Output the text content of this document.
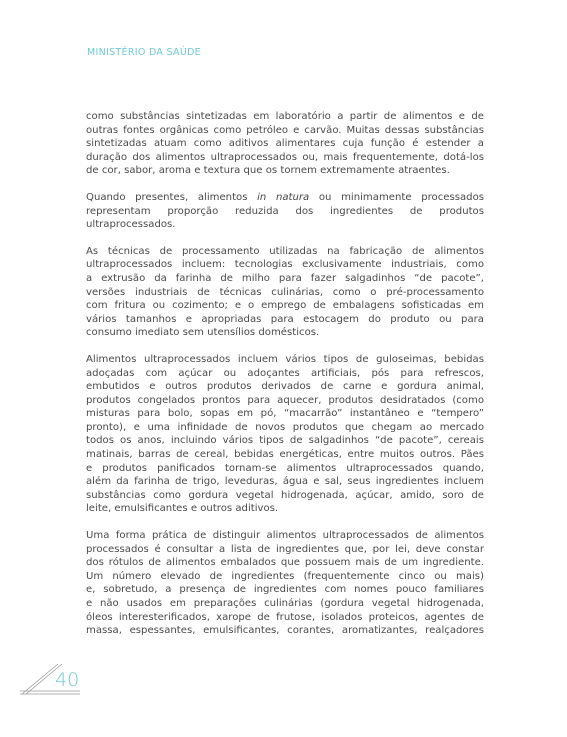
MINISTÉRIO DA SAÚDE

como substâncias sintetizadas em laboratório a partir de alimentos e de
outras fontes orgânicas como petróleo e carvão. Muitas dessas substâncias
sintetizadas atuam como aditivos alimentares cuja função é estender a
duração dos alimentos ultraprocessados ou, mais frequentemente, dotá-los
de cor, sabor, aroma e textura que os tornem extremamente atraentes.

Quando presentes, alimentos in natura ou minimamente processados
representam proporção reduzida dos ingredientes de produtos
ultraprocessados.

As técnicas de processamento utilizadas na fabricação de alimentos
ultraprocessados incluem: tecnologias exclusivamente industriais, como
a extrusão da farinha de milho para fazer salgadinhos “de pacote”,
versões industriais de técnicas culinárias, como o pré-processamento
com fritura ou cozimento; e o emprego de embalagens sofisticadas em
vários tamanhos e apropriadas para estocagem do produto ou para
consumo imediato sem utensílios domésticos.

Alimentos ultraprocessados incluem vários tipos de guloseimas, bebidas
adoçadas com açúcar ou adoçantes artificiais, pós para refrescos,
embutidos e outros produtos derivados de carne e gordura animal,
produtos congelados prontos para aquecer, produtos desidratados (como
misturas para bolo, sopas em pó, “macarrão” instantâneo e “tempero”
pronto), e uma infinidade de novos produtos que chegam ao mercado
todos os anos, incluindo vários tipos de salgadinhos “de pacote”, cereais
matinais, barras de cereal, bebidas energéticas, entre muitos outros. Pães
e produtos panificados tornam-se alimentos ultraprocessados quando,
além da farinha de trigo, leveduras, água e sal, seus ingredientes incluem
substâncias como gordura vegetal hidrogenada, açúcar, amido, soro de
leite, emulsificantes e outros aditivos.

Uma forma prática de distinguir alimentos ultraprocessados de alimentos
processados é consultar a lista de ingredientes que, por lei, deve constar
dos rótulos de alimentos embalados que possuem mais de um ingrediente.
Um número elevado de ingredientes (frequentemente cinco ou mais)
e, sobretudo, a presença de ingredientes com nomes pouco familiares
e não usados em preparações culinárias (gordura vegetal hidrogenada,
óleos interesterificados, xarope de frutose, isolados proteicos, agentes de
massa, espessantes, emulsificantes, corantes, aromatizantes, realçadores

40
